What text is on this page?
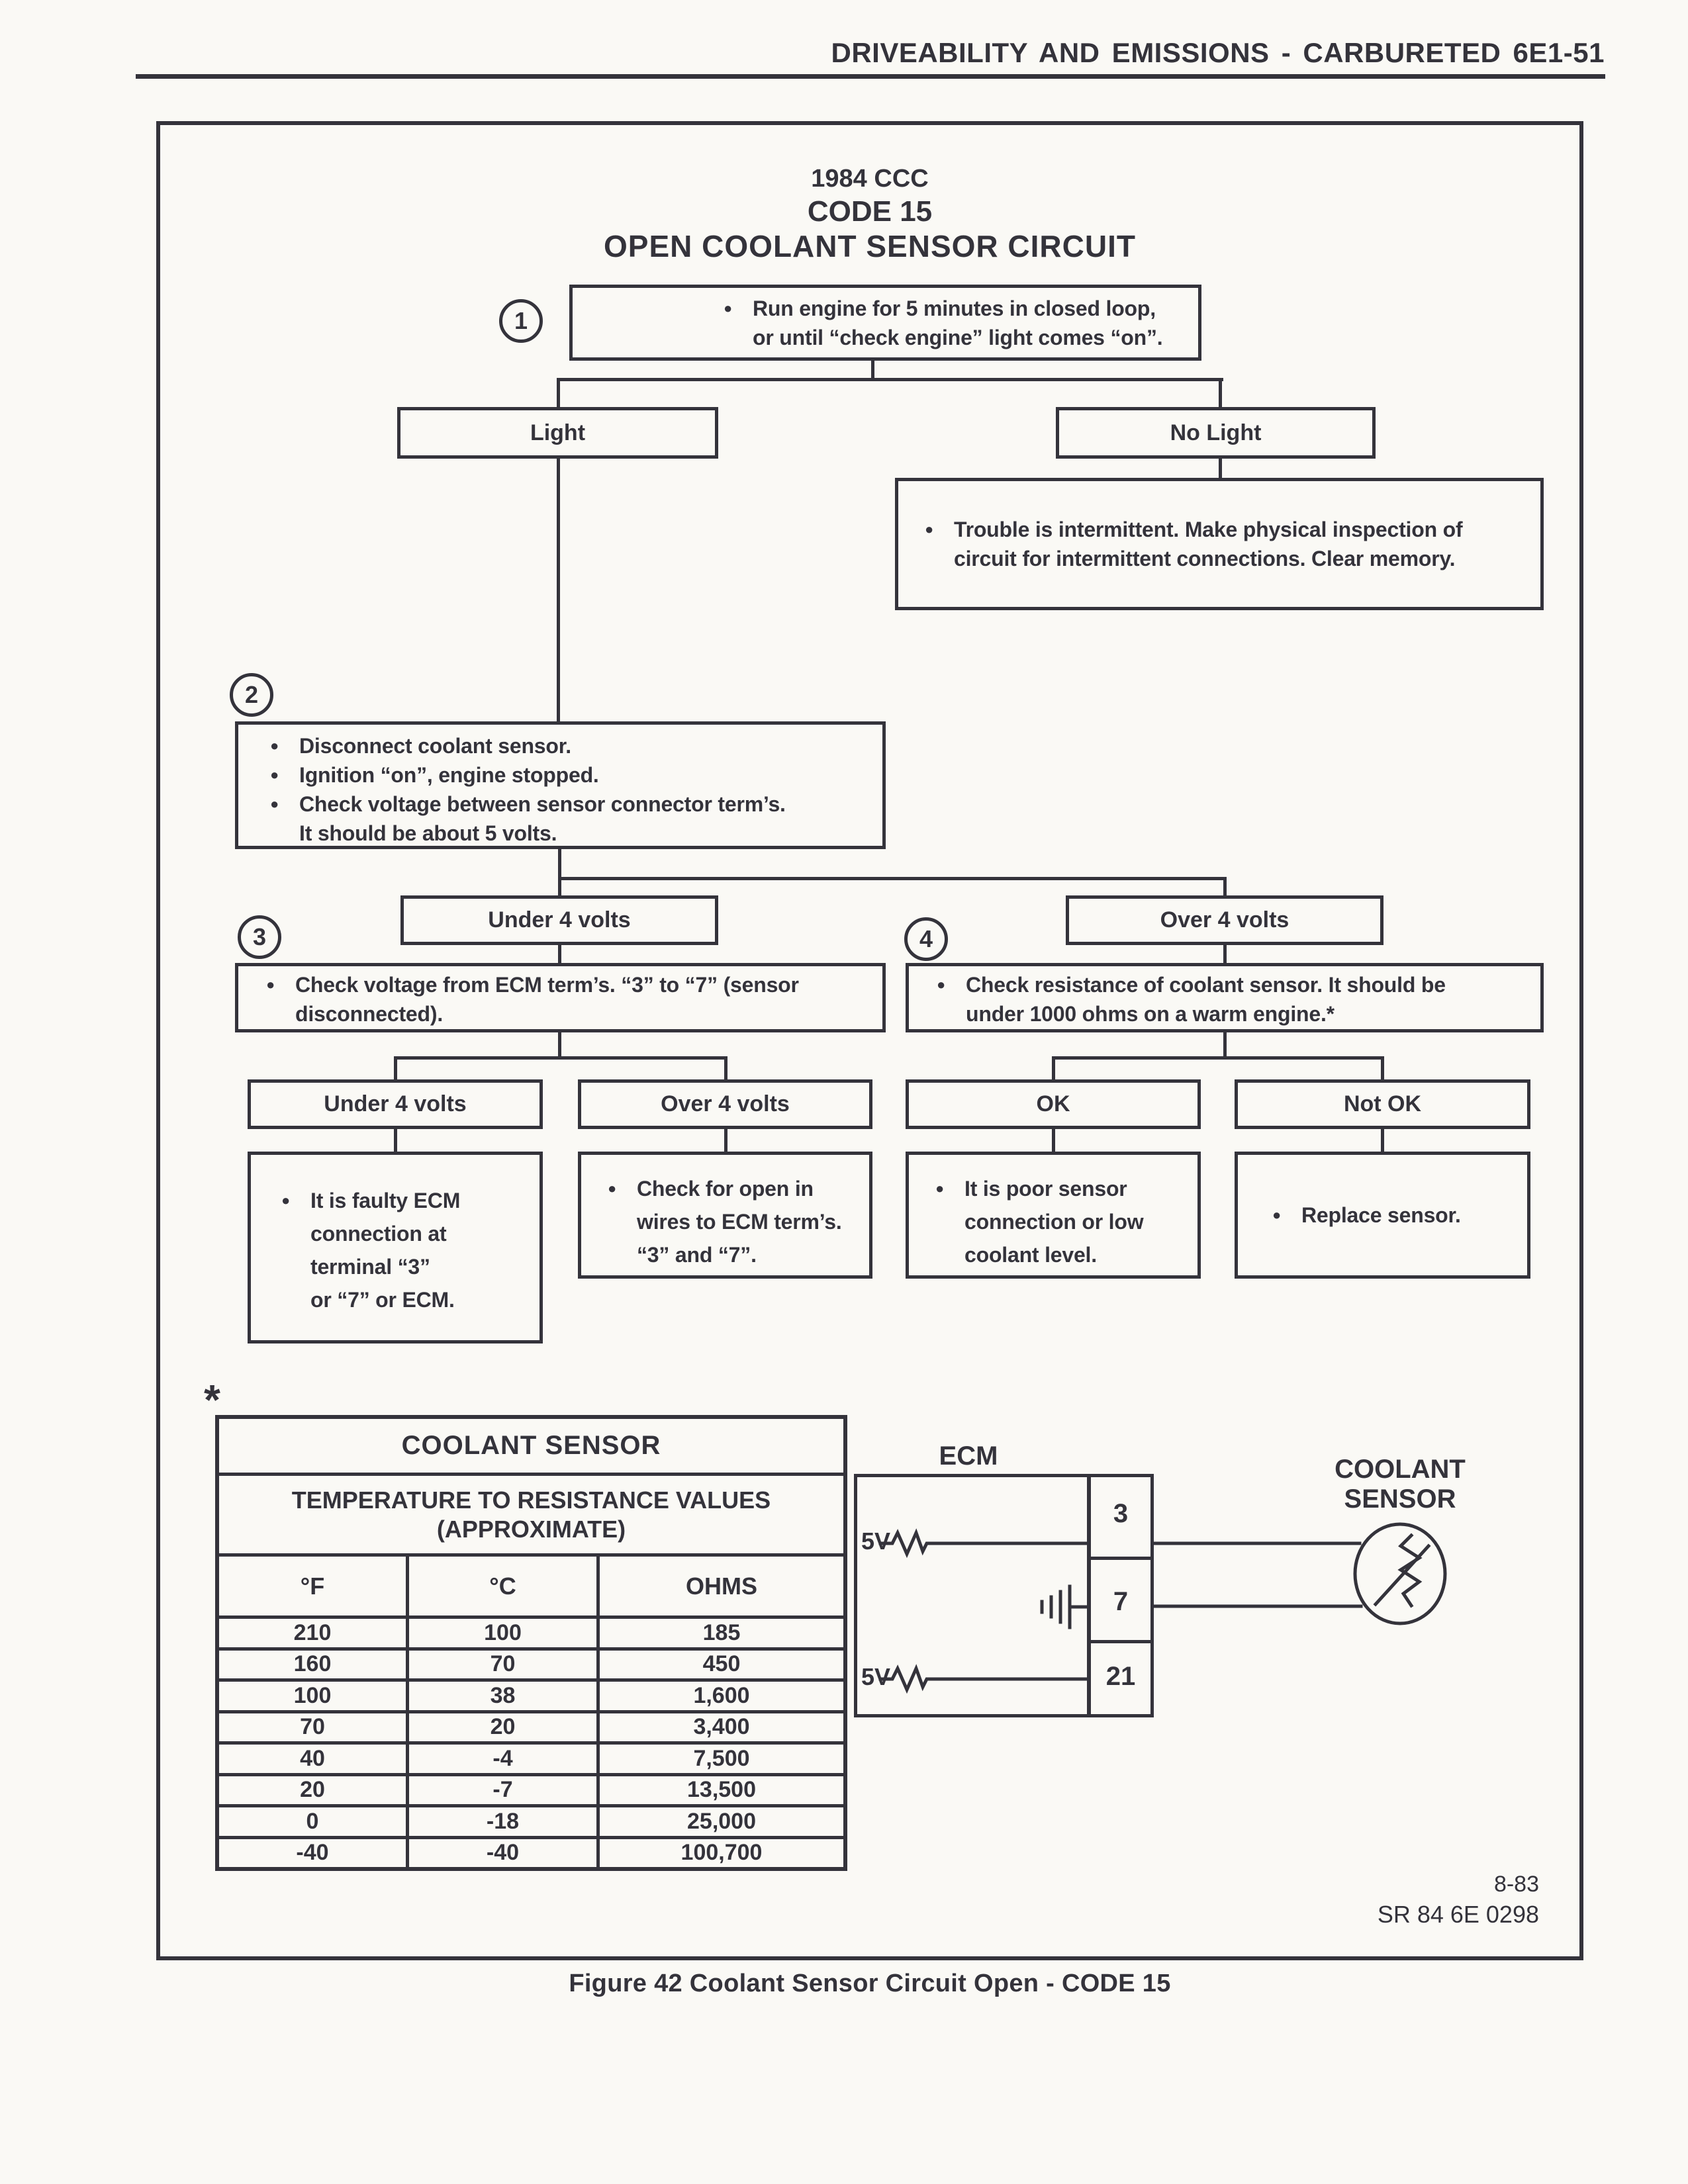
DRIVEABILITY AND EMISSIONS - CARBURETED 6E1-51
1984 CCC
CODE 15
OPEN COOLANT SENSOR CIRCUIT
1	● Run engine for 5 minutes in closed loop,
or until “check engine” light comes “on”.
Light	No Light
● Trouble is intermittent. Make physical inspection of
circuit for intermittent connections. Clear memory.
2
● Disconnect coolant sensor.
● Ignition “on”, engine stopped.
● Check voltage between sensor connector term’s.
It should be about 5 volts.
Under 4 volts	Over 4 volts
3
● Check voltage from ECM term’s. “3” to “7” (sensor
disconnected).
4
● Check resistance of coolant sensor. It should be
under 1000 ohms on a warm engine.*
Under 4 volts	Over 4 volts	OK	Not OK
● It is faulty ECM
connection at
terminal “3”
or “7” or ECM.
● Check for open in
wires to ECM term’s.
“3” and “7”.
● It is poor sensor
connection or low
coolant level.
● Replace sensor.
*
COOLANT SENSOR
TEMPERATURE TO RESISTANCE VALUES
(APPROXIMATE)
°F	°C	OHMS
210	100	185
160	70	450
100	38	1,600
70	20	3,400
40	-4	7,500
20	-7	13,500
0	-18	25,000
-40	-40	100,700
ECM
3
7
21
5V
5V
COOLANT
SENSOR
8-83
SR 84 6E 0298
Figure 42 Coolant Sensor Circuit Open - CODE 15
